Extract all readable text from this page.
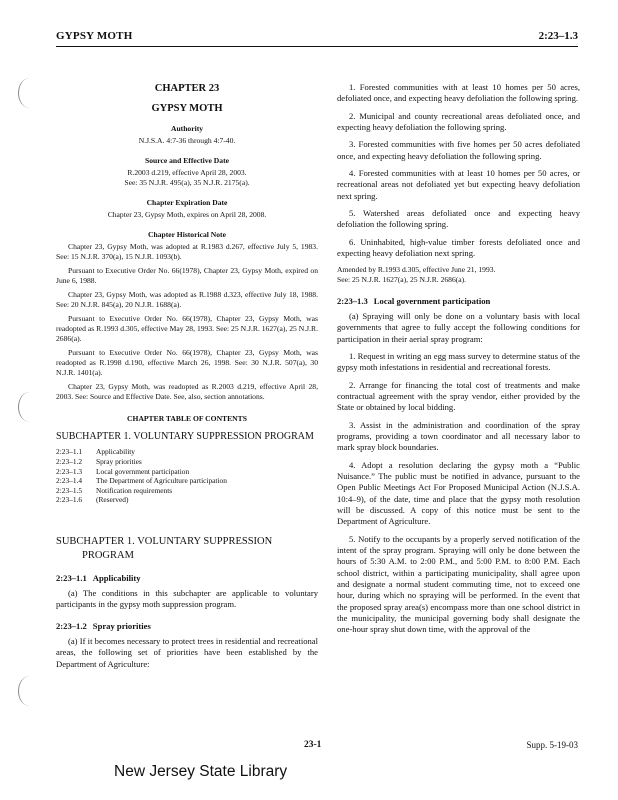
GYPSY MOTH	2:23–1.3
CHAPTER 23
GYPSY MOTH
Authority
N.J.S.A. 4:7-36 through 4:7-40.
Source and Effective Date
R.2003 d.219, effective April 28, 2003.
See: 35 N.J.R. 495(a), 35 N.J.R. 2175(a).
Chapter Expiration Date
Chapter 23, Gypsy Moth, expires on April 28, 2008.
Chapter Historical Note

Chapter 23, Gypsy Moth, was adopted at R.1983 d.267, effective July 5, 1983. See: 15 N.J.R. 370(a), 15 N.J.R. 1093(b).

Pursuant to Executive Order No. 66(1978), Chapter 23, Gypsy Moth, expired on June 6, 1988.

Chapter 23, Gypsy Moth, was adopted as R.1988 d.323, effective July 18, 1988. See: 20 N.J.R. 845(a), 20 N.J.R. 1688(a).

Pursuant to Executive Order No. 66(1978), Chapter 23, Gypsy Moth, was readopted as R.1993 d.305, effective May 28, 1993. See: 25 N.J.R. 1627(a), 25 N.J.R. 2686(a).

Pursuant to Executive Order No. 66(1978), Chapter 23, Gypsy Moth, was readopted as R.1998 d.190, effective March 26, 1998. See: 30 N.J.R. 507(a), 30 N.J.R. 1401(a).

Chapter 23, Gypsy Moth, was readopted as R.2003 d.219, effective April 28, 2003. See: Source and Effective Date. See, also, section annotations.

CHAPTER TABLE OF CONTENTS
SUBCHAPTER 1. VOLUNTARY SUPPRESSION PROGRAM
2:23–1.1	Applicability
2:23–1.2	Spray priorities
2:23–1.3	Local government participation
2:23–1.4	The Department of Agriculture participation
2:23–1.5	Notification requirements
2:23–1.6	(Reserved)
SUBCHAPTER 1. VOLUNTARY SUPPRESSION PROGRAM
2:23–1.1 Applicability

(a) The conditions in this subchapter are applicable to voluntary participants in the gypsy moth suppression program.

2:23–1.2 Spray priorities

(a) If it becomes necessary to protect trees in residential and recreational areas, the following set of priorities have been established by the Department of Agriculture:

1. Forested communities with at least 10 homes per 50 acres, defoliated once, and expecting heavy defoliation the following spring.

2. Municipal and county recreational areas defoliated once, and expecting heavy defoliation the following spring.

3. Forested communities with five homes per 50 acres defoliated once, and expecting heavy defoliation the following spring.

4. Forested communities with at least 10 homes per 50 acres, or recreational areas not defoliated yet but expecting heavy defoliation next spring.

5. Watershed areas defoliated once and expecting heavy defoliation the following spring.

6. Uninhabited, high-value timber forests defoliated once and expecting heavy defoliation next spring.

Amended by R.1993 d.305, effective June 21, 1993.
See: 25 N.J.R. 1627(a), 25 N.J.R. 2686(a).
2:23–1.3 Local government participation

(a) Spraying will only be done on a voluntary basis with local governments that agree to fully accept the following conditions for participation in their aerial spray program:

1. Request in writing an egg mass survey to determine status of the gypsy moth infestations in residential and recreational forests.

2. Arrange for financing the total cost of treatments and make contractual agreement with the spray vendor, either provided by the State or obtained by local bidding.

3. Assist in the administration and coordination of the spray programs, providing a town coordinator and all necessary labor to mark spray block boundaries.

4. Adopt a resolution declaring the gypsy moth a “Public Nuisance.” The public must be notified in advance, pursuant to the Open Public Meetings Act For Proposed Municipal Action (N.J.S.A. 10:4–9), of the date, time and place that the gypsy moth resolution will be discussed. A copy of this notice must be sent to the Department of Agriculture.

5. Notify to the occupants by a properly served notification of the intent of the spray program. Spraying will only be done between the hours of 5:30 A.M. to 2:00 P.M., and 5:00 P.M. to 8:00 P.M. Each school district, within a participating municipality, shall agree upon and designate a normal student commuting time, not to exceed one hour, during which no spraying will be performed. In the event that the proposed spray area(s) encompass more than one school district in the municipality, the municipal governing body shall designate the one-hour spray shut down time, with the approval of the

23-1	Supp. 5-19-03
New Jersey State Library
